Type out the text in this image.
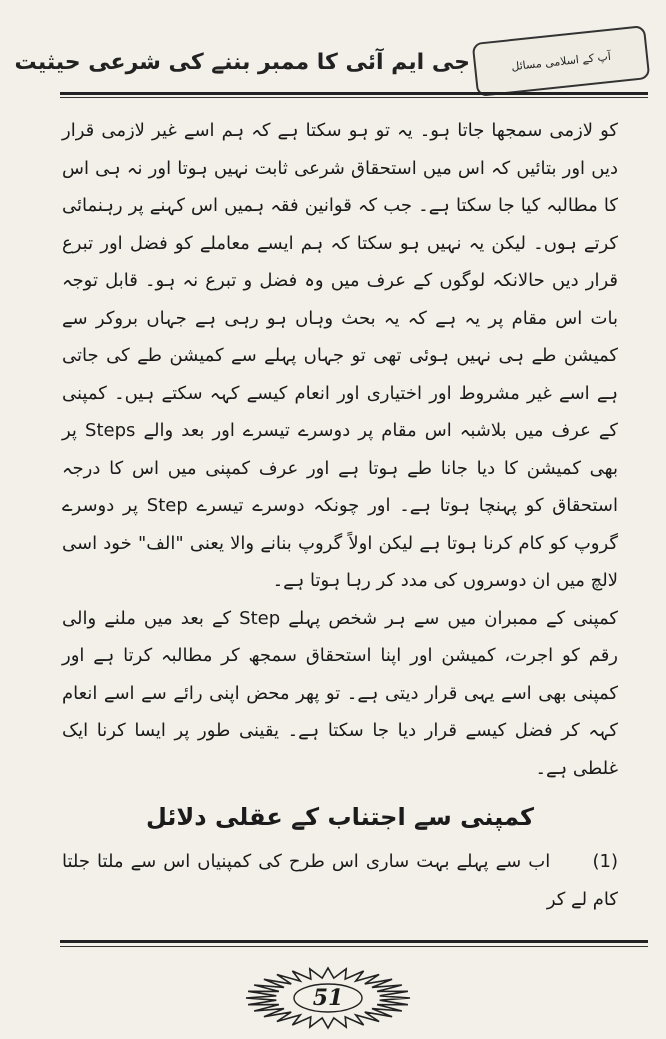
جی ایم آئی کا ممبر بننے کی شرعی حیثیت	آپ کے اسلامی مسائل

کو لازمی سمجھا جاتا ہو۔ یہ تو ہو سکتا ہے کہ ہم اسے غیر لازمی قرار دیں اور بتائیں کہ اس میں استحقاق شرعی ثابت نہیں ہوتا اور نہ ہی اس کا مطالبہ کیا جا سکتا ہے۔ جب کہ قوانین فقہ ہمیں اس کہنے پر رہنمائی کرتے ہوں۔ لیکن یہ نہیں ہو سکتا کہ ہم ایسے معاملے کو فضل اور تبرع قرار دیں حالانکہ لوگوں کے عرف میں وہ فضل و تبرع نہ ہو۔ قابل توجہ بات اس مقام پر یہ ہے کہ یہ بحث وہاں ہو رہی ہے جہاں بروکر سے کمیشن طے ہی نہیں ہوئی تھی تو جہاں پہلے سے کمیشن طے کی جاتی ہے اسے غیر مشروط اور اختیاری اور انعام کیسے کہہ سکتے ہیں۔ کمپنی کے عرف میں بلاشبہ اس مقام پر دوسرے تیسرے اور بعد والے Steps پر بھی کمیشن کا دیا جانا طے ہوتا ہے اور عرف کمپنی میں اس کا درجہ استحقاق کو پہنچا ہوتا ہے۔ اور چونکہ دوسرے تیسرے Step پر دوسرے گروپ کو کام کرنا ہوتا ہے لیکن اولاً گروپ بنانے والا یعنی "الف" خود اسی لالچ میں ان دوسروں کی مدد کر رہا ہوتا ہے۔

کمپنی کے ممبران میں سے ہر شخص پہلے Step کے بعد میں ملنے والی رقم کو اجرت، کمیشن اور اپنا استحقاق سمجھ کر مطالبہ کرتا ہے اور کمپنی بھی اسے یہی قرار دیتی ہے۔ تو پھر محض اپنی رائے سے اسے انعام کہہ کر فضل کیسے قرار دیا جا سکتا ہے۔ یقینی طور پر ایسا کرنا ایک غلطی ہے۔

کمپنی سے اجتناب کے عقلی دلائل

(1)      اب سے پہلے بہت ساری اس طرح کی کمپنیاں اس سے ملتا جلتا کام لے کر

51
